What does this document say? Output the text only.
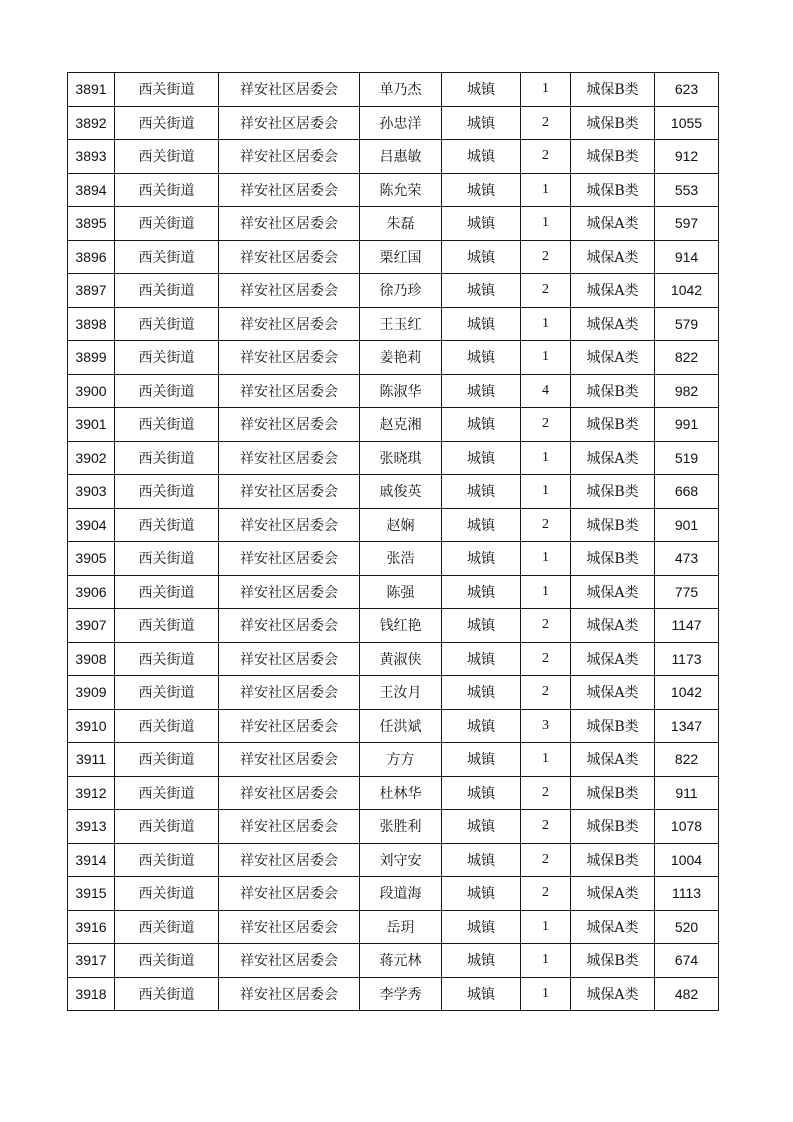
3891	西关街道	祥安社区居委会	单乃杰	城镇	1	城保B类	623
3892	西关街道	祥安社区居委会	孙忠洋	城镇	2	城保B类	1055
3893	西关街道	祥安社区居委会	吕惠敏	城镇	2	城保B类	912
3894	西关街道	祥安社区居委会	陈允荣	城镇	1	城保B类	553
3895	西关街道	祥安社区居委会	朱磊	城镇	1	城保A类	597
3896	西关街道	祥安社区居委会	栗红国	城镇	2	城保A类	914
3897	西关街道	祥安社区居委会	徐乃珍	城镇	2	城保A类	1042
3898	西关街道	祥安社区居委会	王玉红	城镇	1	城保A类	579
3899	西关街道	祥安社区居委会	姜艳莉	城镇	1	城保A类	822
3900	西关街道	祥安社区居委会	陈淑华	城镇	4	城保B类	982
3901	西关街道	祥安社区居委会	赵克湘	城镇	2	城保B类	991
3902	西关街道	祥安社区居委会	张晓琪	城镇	1	城保A类	519
3903	西关街道	祥安社区居委会	戚俊英	城镇	1	城保B类	668
3904	西关街道	祥安社区居委会	赵娴	城镇	2	城保B类	901
3905	西关街道	祥安社区居委会	张浩	城镇	1	城保B类	473
3906	西关街道	祥安社区居委会	陈强	城镇	1	城保A类	775
3907	西关街道	祥安社区居委会	钱红艳	城镇	2	城保A类	1147
3908	西关街道	祥安社区居委会	黄淑侠	城镇	2	城保A类	1173
3909	西关街道	祥安社区居委会	王汝月	城镇	2	城保A类	1042
3910	西关街道	祥安社区居委会	任洪斌	城镇	3	城保B类	1347
3911	西关街道	祥安社区居委会	方方	城镇	1	城保A类	822
3912	西关街道	祥安社区居委会	杜林华	城镇	2	城保B类	911
3913	西关街道	祥安社区居委会	张胜利	城镇	2	城保B类	1078
3914	西关街道	祥安社区居委会	刘守安	城镇	2	城保B类	1004
3915	西关街道	祥安社区居委会	段道海	城镇	2	城保A类	1113
3916	西关街道	祥安社区居委会	岳玥	城镇	1	城保A类	520
3917	西关街道	祥安社区居委会	蒋元林	城镇	1	城保B类	674
3918	西关街道	祥安社区居委会	李学秀	城镇	1	城保A类	482
